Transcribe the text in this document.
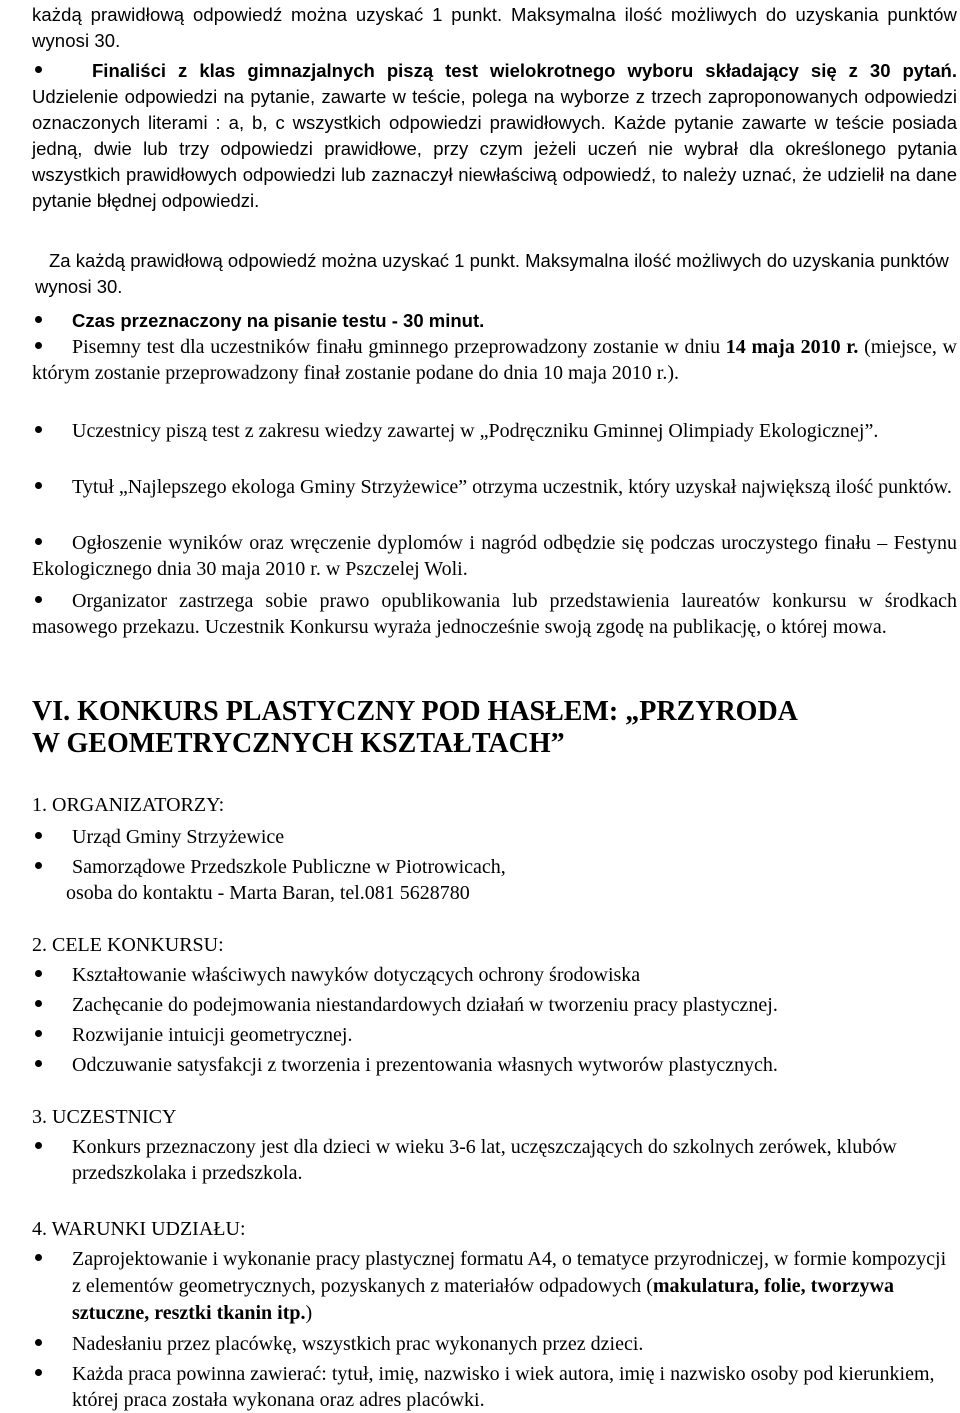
każdą prawidłową odpowiedź można uzyskać 1 punkt. Maksymalna ilość możliwych do uzyskania punktów wynosi 30.

Finaliści z klas gimnazjalnych piszą test wielokrotnego wyboru składający się z 30 pytań. Udzielenie odpowiedzi na pytanie, zawarte w teście, polega na wyborze z trzech zaproponowanych odpowiedzi oznaczonych literami : a, b, c wszystkich odpowiedzi prawidłowych. Każde pytanie zawarte w teście posiada jedną, dwie lub trzy odpowiedzi prawidłowe, przy czym jeżeli uczeń nie wybrał dla określonego pytania wszystkich prawidłowych odpowiedzi lub zaznaczył niewłaściwą odpowiedź, to należy uznać, że udzielił na dane pytanie błędnej odpowiedzi.

Za każdą prawidłową odpowiedź można uzyskać 1 punkt. Maksymalna ilość możliwych do uzyskania punktów wynosi 30.

Czas przeznaczony na pisanie testu - 30 minut.

Pisemny test dla uczestników finału gminnego przeprowadzony zostanie w dniu 14 maja 2010 r. (miejsce, w którym zostanie przeprowadzony finał zostanie podane do dnia 10 maja 2010 r.).

Uczestnicy piszą test z zakresu wiedzy zawartej w „Podręczniku Gminnej Olimpiady Ekologicznej”.

Tytuł „Najlepszego ekologa Gminy Strzyżewice” otrzyma uczestnik, który uzyskał największą ilość punktów.

Ogłoszenie wyników oraz wręczenie dyplomów i nagród odbędzie się podczas uroczystego finału – Festynu Ekologicznego dnia 30 maja 2010 r. w Pszczelej Woli.

Organizator zastrzega sobie prawo opublikowania lub przedstawienia laureatów konkursu w środkach masowego przekazu. Uczestnik Konkursu wyraża jednocześnie swoją zgodę na publikację, o której mowa.

VI. KONKURS PLASTYCZNY POD HASŁEM: „PRZYRODA

W GEOMETRYCZNYCH KSZTAŁTACH”

1. ORGANIZATORZY:

Urząd Gminy Strzyżewice

Samorządowe Przedszkole Publiczne w Piotrowicach,

osoba do kontaktu - Marta Baran, tel.081 5628780

2. CELE KONKURSU:

Kształtowanie właściwych nawyków dotyczących ochrony środowiska

Zachęcanie do podejmowania niestandardowych działań w tworzeniu pracy plastycznej.

Rozwijanie intuicji geometrycznej.

Odczuwanie satysfakcji z tworzenia i prezentowania własnych wytworów plastycznych.

3. UCZESTNICY

Konkurs przeznaczony jest dla dzieci w wieku 3-6 lat, uczęszczających do szkolnych zerówek, klubów przedszkolaka i przedszkola.

4. WARUNKI UDZIAŁU:

Zaprojektowanie i wykonanie pracy plastycznej formatu A4, o tematyce przyrodniczej, w formie kompozycji z elementów geometrycznych, pozyskanych z materiałów odpadowych (makulatura, folie, tworzywa sztuczne, resztki tkanin itp.)

Nadesłaniu przez placówkę, wszystkich prac wykonanych przez dzieci.

Każda praca powinna zawierać: tytuł, imię, nazwisko i wiek autora, imię i nazwisko osoby pod kierunkiem, której praca została wykonana oraz adres placówki.
